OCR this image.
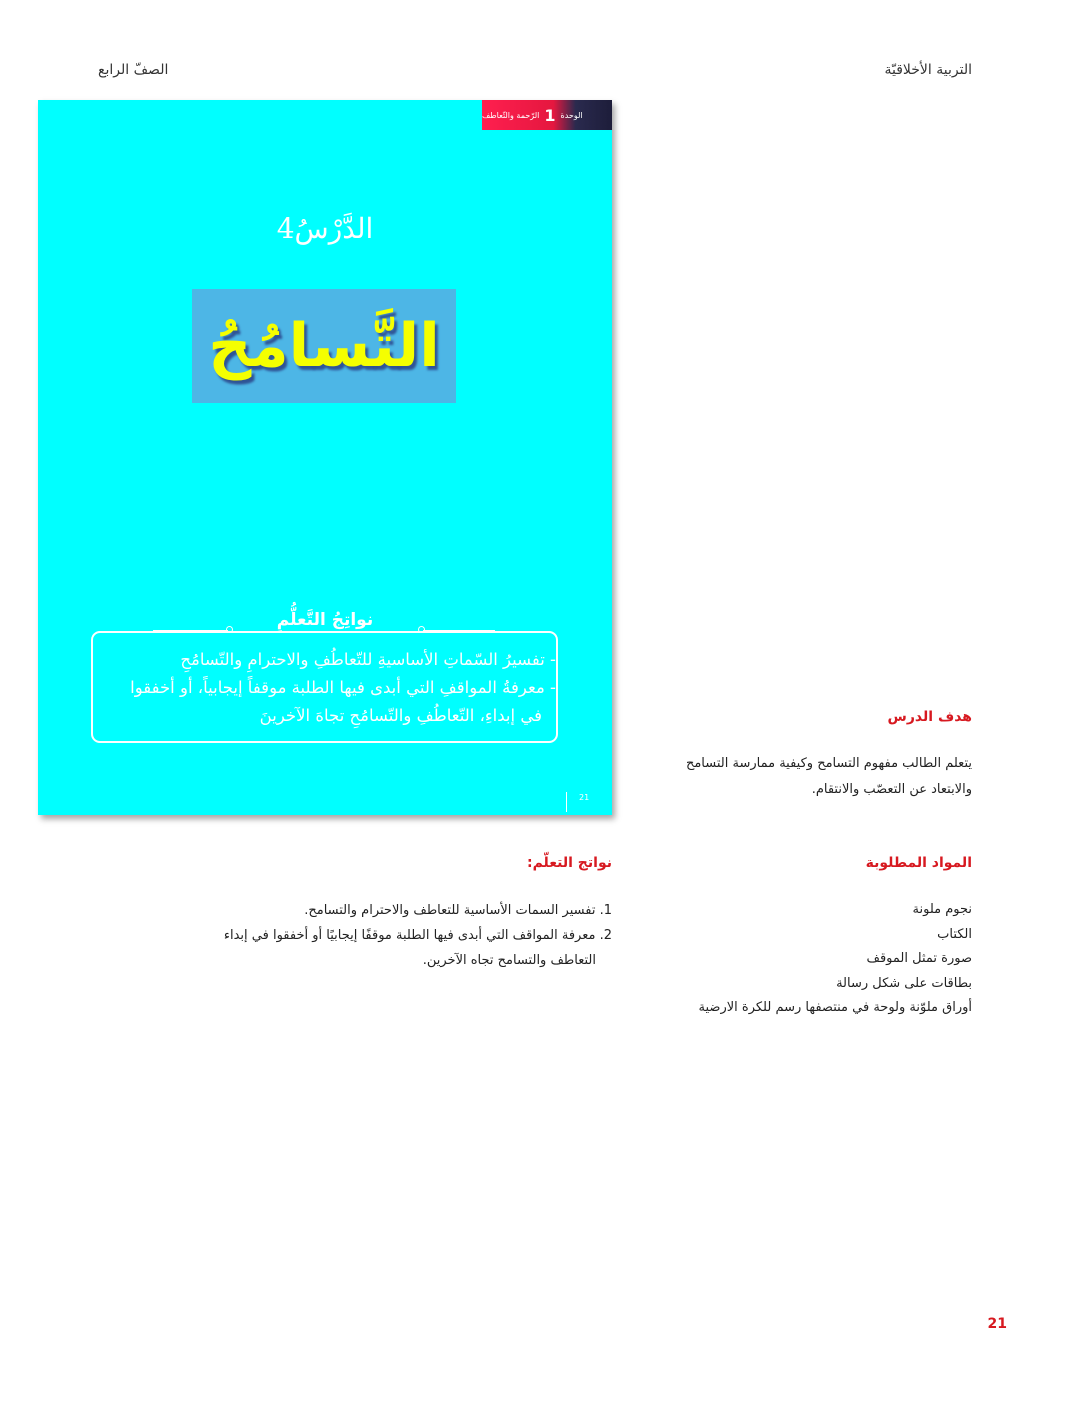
التربية الأخلاقيّة
الصفّ الرابع
الوحدة
1
الرّحمة والتّعاطف
الدَّرْسُ4
التَّسامُحُ
نواتِجُ التَّعلُّمِ
- تفسيرُ السّماتِ الأساسيةِ للتّعاطُفِ والاحترامِ والتّسامُحِ
- معرفةُ المواقفِ التي أبدى فيها الطلبة موقفاً إيجابياً، أو أخفقوا
في إبداءِ، التّعاطُفِ والتّسامُحِ تجاهَ الآخرينَ
21
هدف الدرس
يتعلم الطالب مفهوم التسامح وكيفية ممارسة التسامح
والابتعاد عن التعصّب والانتقام.
المواد المطلوبة
نجوم ملونة
الكتاب
صورة تمثل الموقف
بطاقات على شكل رسالة
أوراق ملوّنة ولوحة في منتصفها رسم للكرة الارضية
نواتج التعلّم:
1. تفسير السمات الأساسية للتعاطف والاحترام والتسامح.
2. معرفة المواقف التي أبدى فيها الطلبة موقفًا إيجابيًا أو أخفقوا في إبداء
التعاطف والتسامح تجاه الآخرين.
21
